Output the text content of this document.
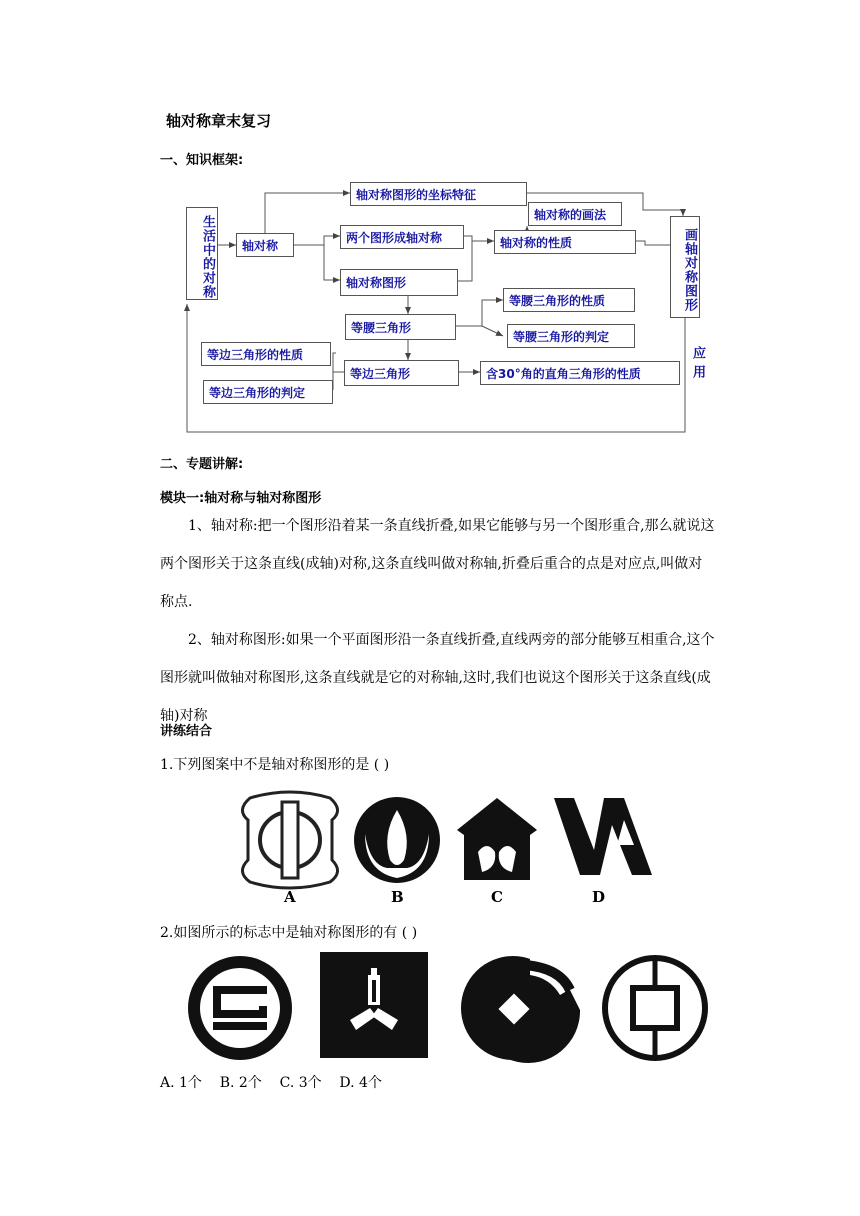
轴对称章末复习
一、知识框架:
生活中的对称	轴对称
轴对称图形的坐标特征
轴对称的画法
两个图形成轴对称	轴对称的性质
轴对称图形	画轴对称图形
等腰三角形
等腰三角形的性质
等腰三角形的判定
等边三角形的性质
等边三角形的判定
等边三角形	含30°角的直角三角形的性质	应用
二、专题讲解:
模块一:轴对称与轴对称图形
1、轴对称:把一个图形沿着某一条直线折叠,如果它能够与另一个图形重合,那么就说这两个图形关于这条直线(成轴)对称,这条直线叫做对称轴,折叠后重合的点是对应点,叫做对称点.
2、轴对称图形:如果一个平面图形沿一条直线折叠,直线两旁的部分能够互相重合,这个图形就叫做轴对称图形,这条直线就是它的对称轴,这时,我们也说这个图形关于这条直线(成轴)对称
讲练结合
1.下列图案中不是轴对称图形的是 ( )
A	B	C	D
2.如图所示的标志中是轴对称图形的有 ( )
A. 1个    B. 2个    C. 3个    D. 4个
